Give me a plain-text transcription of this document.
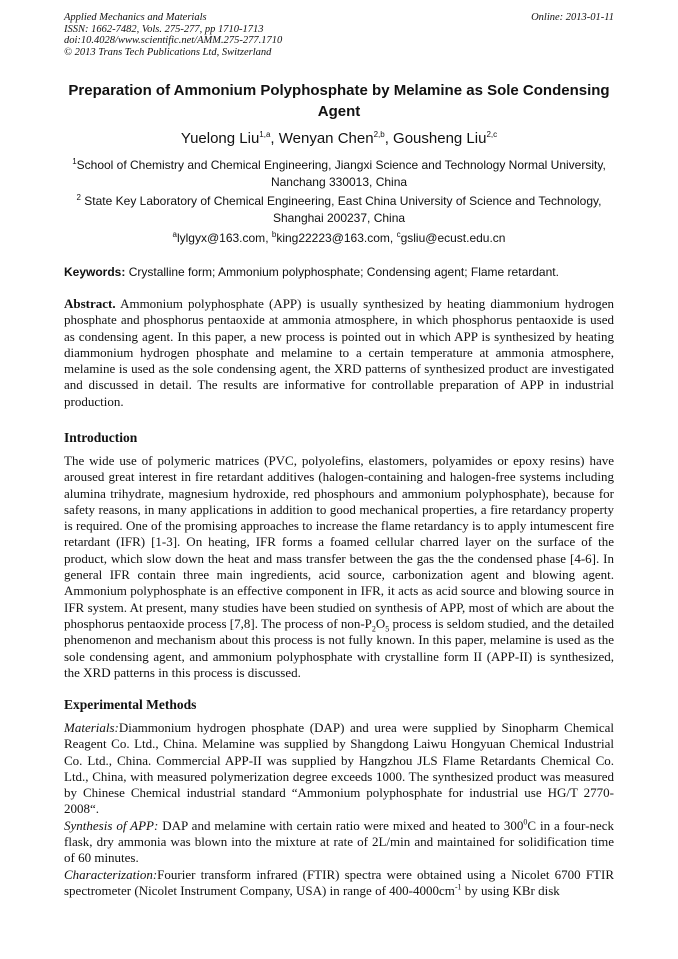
Applied Mechanics and Materials
ISSN: 1662-7482, Vols. 275-277, pp 1710-1713
doi:10.4028/www.scientific.net/AMM.275-277.1710
© 2013 Trans Tech Publications Ltd, Switzerland
Online: 2013-01-11
Preparation of Ammonium Polyphosphate by Melamine as Sole Condensing Agent
Yuelong Liu$^{1,a}$, Wenyan Chen$^{2,b}$, Gousheng Liu$^{2,c}$
$^1$School of Chemistry and Chemical Engineering, Jiangxi Science and Technology Normal University, Nanchang 330013, China
$^2$ State Key Laboratory of Chemical Engineering, East China University of Science and Technology, Shanghai 200237, China
$^a$lylgyx@163.com, $^b$king22223@163.com, $^c$gsliu@ecust.edu.cn
Keywords: Crystalline form; Ammonium polyphosphate; Condensing agent; Flame retardant.
Abstract. Ammonium polyphosphate (APP) is usually synthesized by heating diammonium hydrogen phosphate and phosphorus pentaoxide at ammonia atmosphere, in which phosphorus pentaoxide is used as condensing agent. In this paper, a new process is pointed out in which APP is synthesized by heating diammonium hydrogen phosphate and melamine to a certain temperature at ammonia atmosphere, melamine is used as the sole condensing agent, the XRD patterns of synthesized product are investigated and discussed in detail. The results are informative for controllable preparation of APP in industrial production.
Introduction
The wide use of polymeric matrices (PVC, polyolefins, elastomers, polyamides or epoxy resins) have aroused great interest in fire retardant additives (halogen-containing and halogen-free systems including alumina trihydrate, magnesium hydroxide, red phosphours and ammonium polyphosphate), because for safety reasons, in many applications in addition to good mechanical properties, a fire retardancy property is required. One of the promising approaches to increase the flame retardancy is to apply intumescent fire retardant (IFR) [1-3]. On heating, IFR forms a foamed cellular charred layer on the surface of the product, which slow down the heat and mass transfer between the gas the the condensed phase [4-6]. In general IFR contain three main ingredients, acid source, carbonization agent and blowing agent. Ammonium polyphosphate is an effective component in IFR, it acts as acid source and blowing source in IFR system. At present, many studies have been studied on synthesis of APP, most of which are about the phosphorus pentaoxide process [7,8]. The process of non-$P_2O_5$ process is seldom studied, and the detailed phenomenon and mechanism about this process is not fully known. In this paper, melamine is used as the sole condensing agent, and ammonium polyphosphate with crystalline form II (APP-II) is synthesized, the XRD patterns in this process is discussed.
Experimental Methods
Materials:Diammonium hydrogen phosphate (DAP) and urea were supplied by Sinopharm Chemical Reagent Co. Ltd., China. Melamine was supplied by Shangdong Laiwu Hongyuan Chemical Industrial Co. Ltd., China. Commercial APP-II was supplied by Hangzhou JLS Flame Retardants Chemical Co. Ltd., China, with measured polymerization degree exceeds 1000. The synthesized product was measured by Chinese Chemical industrial standard “Ammonium polyphosphate for industrial use HG/T 2770-2008“.
Synthesis of APP: DAP and melamine with certain ratio were mixed and heated to $300^0C$ in a four-neck flask, dry ammonia was blown into the mixture at rate of 2L/min and maintained for solidification time of 60 minutes.
Characterization:Fourier transform infrared (FTIR) spectra were obtained using a Nicolet 6700 FTIR spectrometer (Nicolet Instrument Company, USA) in range of $400-4000cm^{-1}$ by using KBr disk
